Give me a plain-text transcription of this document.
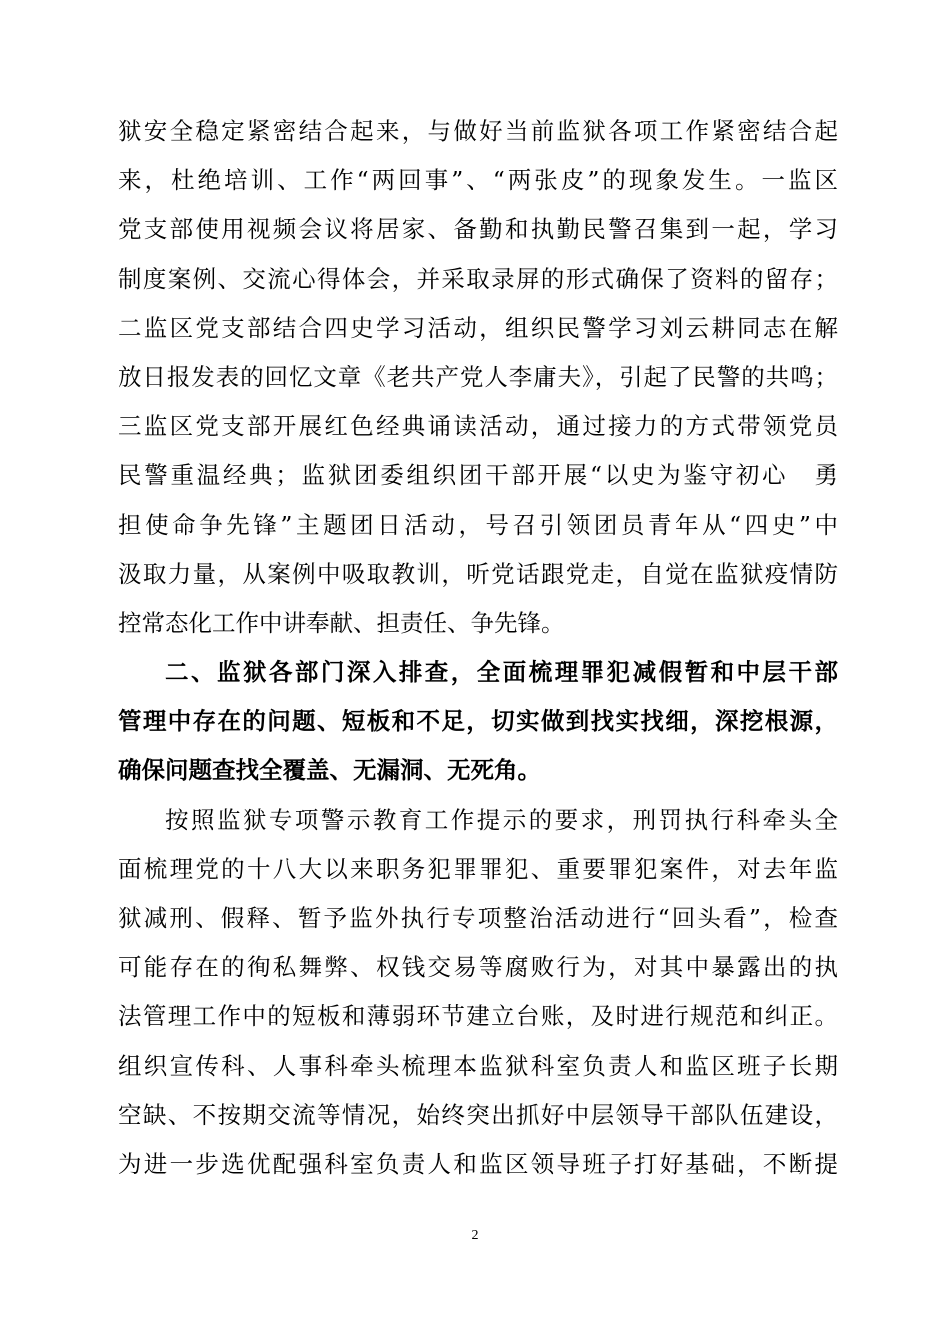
狱安全稳定紧密结合起来，与做好当前监狱各项工作紧密结合起
来，杜绝培训、工作“两回事”、“两张皮”的现象发生。一监区
党支部使用视频会议将居家、备勤和执勤民警召集到一起，学习
制度案例、交流心得体会，并采取录屏的形式确保了资料的留存；
二监区党支部结合四史学习活动，组织民警学习刘云耕同志在解
放日报发表的回忆文章《老共产党人李庸夫》，引起了民警的共鸣；
三监区党支部开展红色经典诵读活动，通过接力的方式带领党员
民警重温经典；监狱团委组织团干部开展“以史为鉴守初心　勇
担使命争先锋”主题团日活动，号召引领团员青年从“四史”中
汲取力量，从案例中吸取教训，听党话跟党走，自觉在监狱疫情防
控常态化工作中讲奉献、担责任、争先锋。
二、监狱各部门深入排查，全面梳理罪犯减假暂和中层干部
管理中存在的问题、短板和不足，切实做到找实找细，深挖根源，
确保问题查找全覆盖、无漏洞、无死角。
按照监狱专项警示教育工作提示的要求，刑罚执行科牵头全
面梳理党的十八大以来职务犯罪罪犯、重要罪犯案件，对去年监
狱减刑、假释、暂予监外执行专项整治活动进行“回头看”，检查
可能存在的徇私舞弊、权钱交易等腐败行为，对其中暴露出的执
法管理工作中的短板和薄弱环节建立台账，及时进行规范和纠正。
组织宣传科、人事科牵头梳理本监狱科室负责人和监区班子长期
空缺、不按期交流等情况，始终突出抓好中层领导干部队伍建设，
为进一步选优配强科室负责人和监区领导班子打好基础，不断提
2
